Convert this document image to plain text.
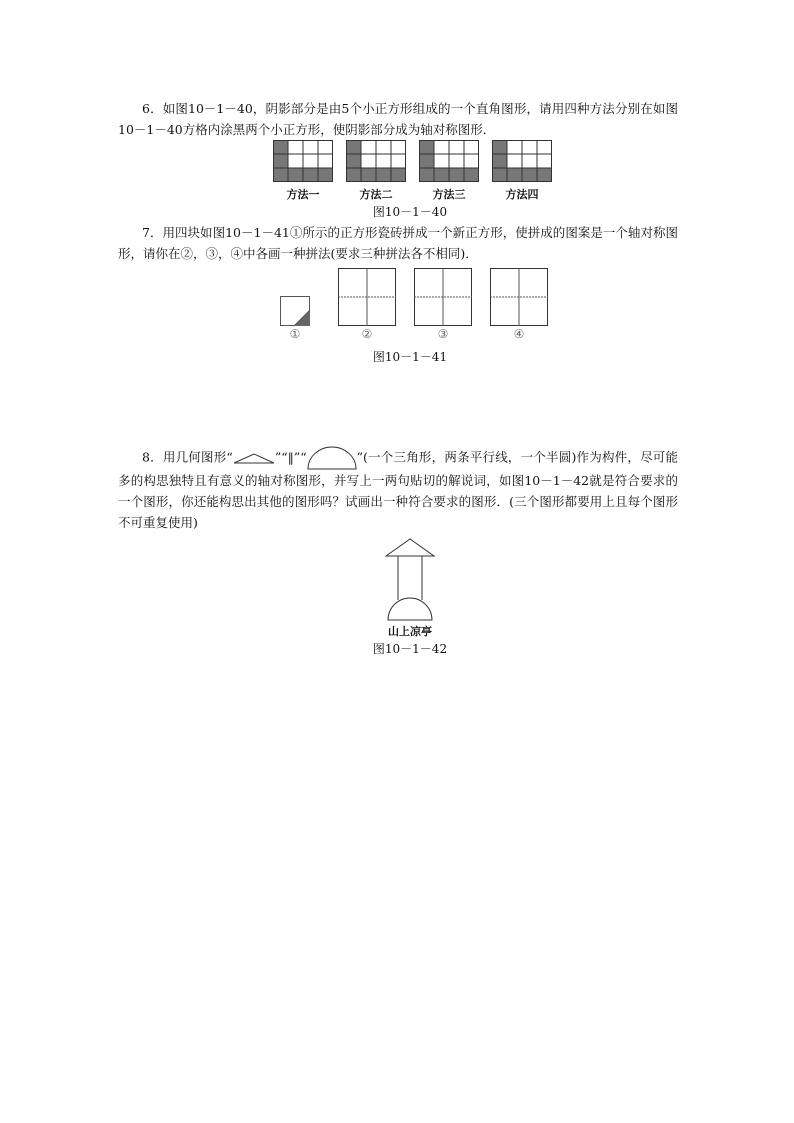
6．如图10－1－40，阴影部分是由5个小正方形组成的一个直角图形，请用四种方法分别在如图10－1－40方格内涂黑两个小正方形，使阴影部分成为轴对称图形．
方法一	方法二	方法三	方法四
图10－1－40
7．用四块如图10－1－41①所示的正方形瓷砖拼成一个新正方形，使拼成的图案是一个轴对称图形，请你在②，③，④中各画一种拼法(要求三种拼法各不相同)．
①	②	③	④
图10－1－41
8．用几何图形“	”“‖”“	”(一个三角形，两条平行线，一个半圆)作为构件，尽可能多的构思独特且有意义的轴对称图形，并写上一两句贴切的解说词，如图10－1－42就是符合要求的一个图形，你还能构思出其他的图形吗？试画出一种符合要求的图形．(三个图形都要用上且每个图形不可重复使用)
山上凉亭
图10－1－42
